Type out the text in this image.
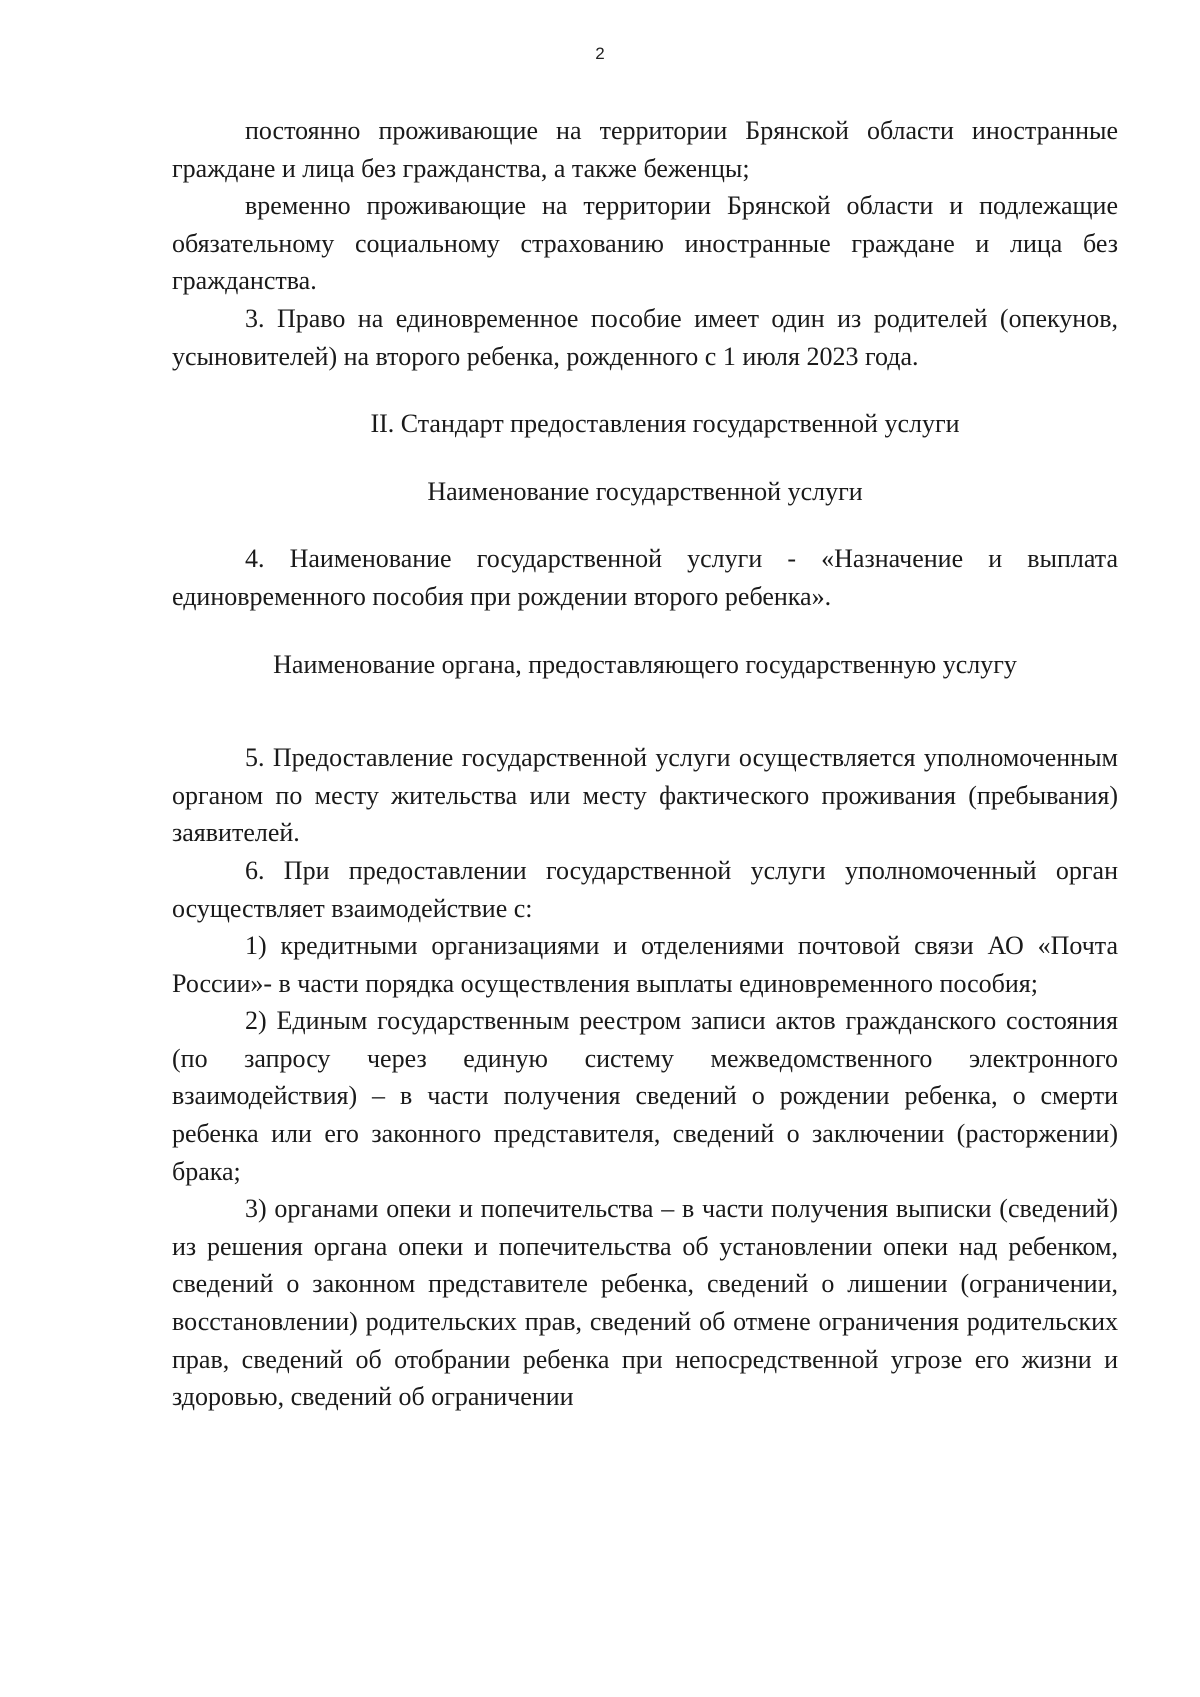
2

постоянно проживающие на территории Брянской области иностранные граждане и лица без гражданства, а также беженцы;

временно проживающие на территории Брянской области и подлежащие обязательному социальному страхованию иностранные граждане и лица без гражданства.

3. Право на единовременное пособие имеет один из родителей (опекунов, усыновителей) на второго ребенка, рожденного с 1 июля 2023 года.

II. Стандарт предоставления государственной услуги

Наименование государственной услуги

4. Наименование государственной услуги - «Назначение и выплата единовременного пособия при рождении второго ребенка».

Наименование органа, предоставляющего государственную услугу

5. Предоставление государственной услуги осуществляется уполномоченным органом по месту жительства или месту фактического проживания (пребывания) заявителей.

6. При предоставлении государственной услуги уполномоченный орган осуществляет взаимодействие с:

1) кредитными организациями и отделениями почтовой связи АО «Почта России»- в части порядка осуществления выплаты единовременного пособия;

2) Единым государственным реестром записи актов гражданского состояния (по запросу через единую систему межведомственного электронного взаимодействия) – в части получения сведений о рождении ребенка, о смерти ребенка или его законного представителя, сведений о заключении (расторжении) брака;

3) органами опеки и попечительства – в части получения выписки (сведений) из решения органа опеки и попечительства об установлении опеки над ребенком, сведений о законном представителе ребенка, сведений о лишении (ограничении, восстановлении) родительских прав, сведений об отмене ограничения родительских прав, сведений об отобрании ребенка при непосредственной угрозе его жизни и здоровью, сведений об ограничении
